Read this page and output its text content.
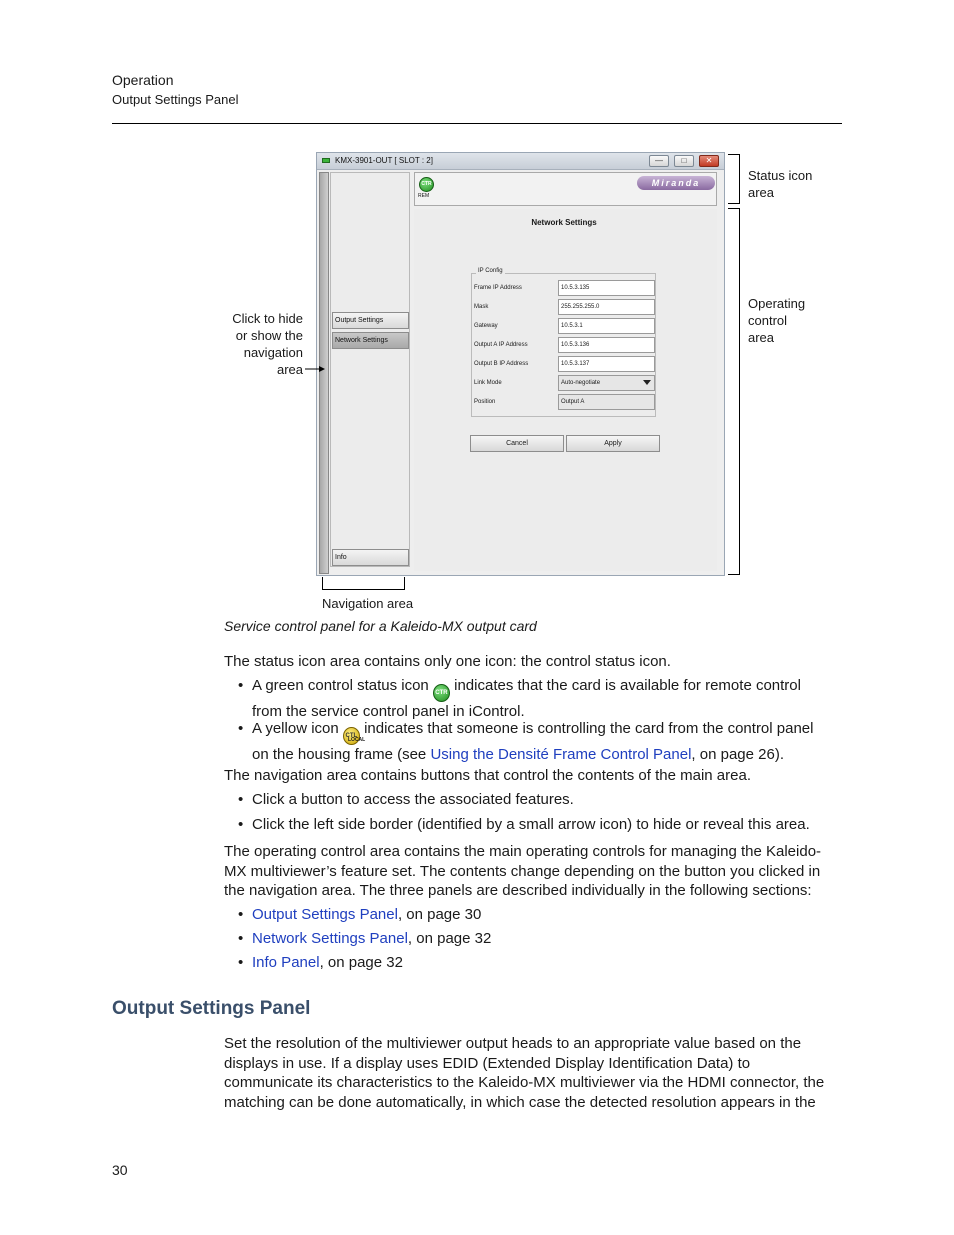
Operation
Output Settings Panel
KMX-3901-OUT [ SLOT : 2]	—	□	✕
Output Settings
Network Settings
Info
CTR
REM
Miranda
Network Settings
IP Config
Frame IP Address	10.5.3.135
Mask	255.255.255.0
Gateway	10.5.3.1
Output A IP Address	10.5.3.136
Output B IP Address	10.5.3.137
Link Mode	Auto-negotiate
Position	Output A
Cancel	Apply
Status icon
area
Operating
control
area
Click to hide
or show the
navigation
area
Navigation area
Service control panel for a Kaleido-MX output card
The status icon area contains only one icon: the control status icon.
• A green control status icon CTR indicates that the card is available for remote control
from the service control panel in iControl.
• A yellow icon CTL indicates that someone is controlling the card from the control panel
on the housing frame (see Using the Densité Frame Control Panel, on page 26).
LOCAL
The navigation area contains buttons that control the contents of the main area.
• Click a button to access the associated features.
• Click the left side border (identified by a small arrow icon) to hide or reveal this area.
The operating control area contains the main operating controls for managing the Kaleido-
MX multiviewer’s feature set. The contents change depending on the button you clicked in
the navigation area. The three panels are described individually in the following sections:
• Output Settings Panel, on page 30
• Network Settings Panel, on page 32
• Info Panel, on page 32
Output Settings Panel
Set the resolution of the multiviewer output heads to an appropriate value based on the
displays in use. If a display uses EDID (Extended Display Identification Data) to
communicate its characteristics to the Kaleido-MX multiviewer via the HDMI connector, the
matching can be done automatically, in which case the detected resolution appears in the
30
